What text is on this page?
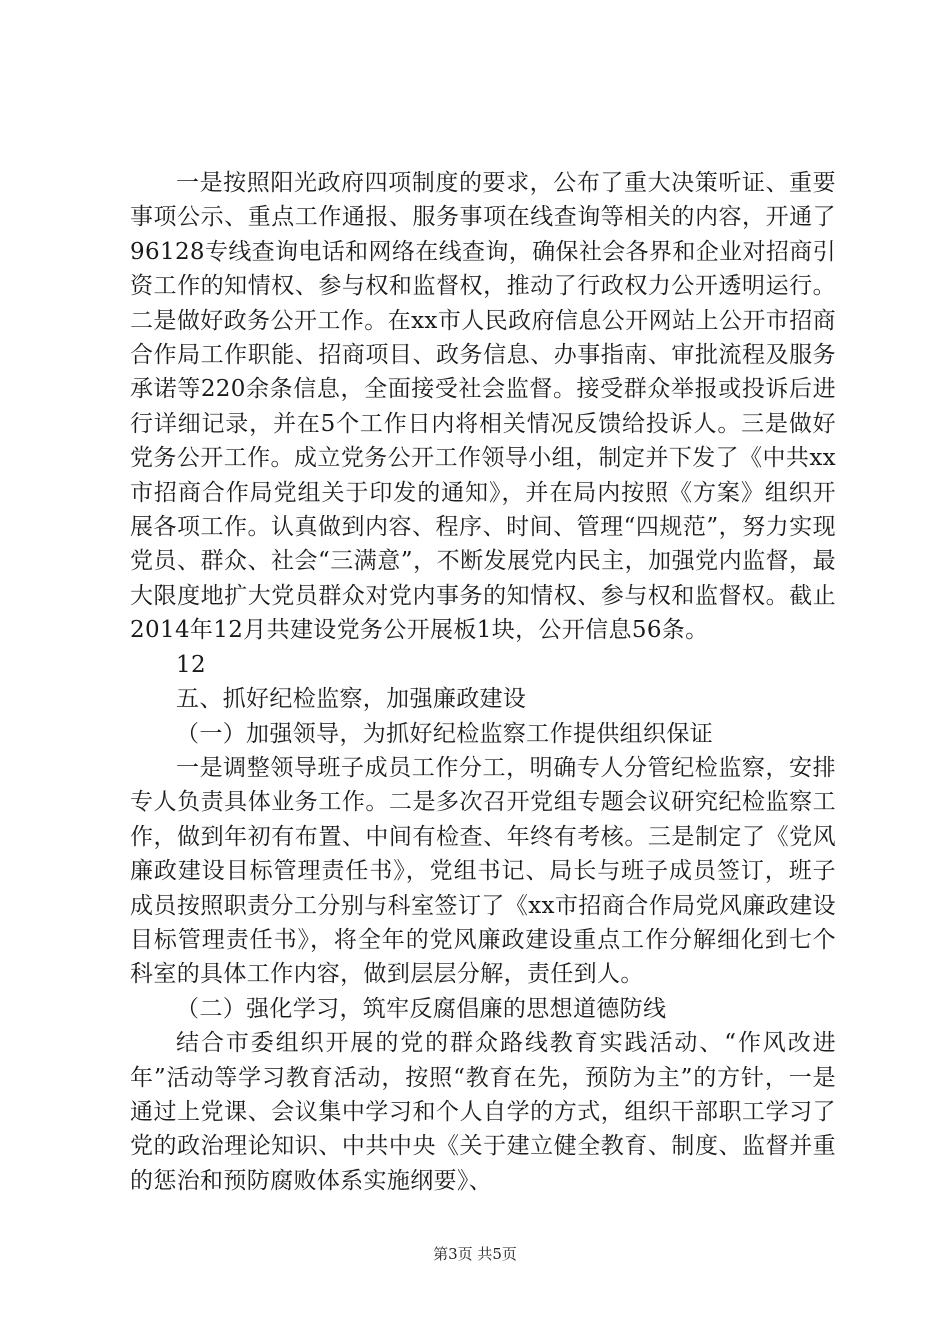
一是按照阳光政府四项制度的要求，公布了重大决策听证、重要事项公示、重点工作通报、服务事项在线查询等相关的内容，开通了96128专线查询电话和网络在线查询，确保社会各界和企业对招商引资工作的知情权、参与权和监督权，推动了行政权力公开透明运行。二是做好政务公开工作。在xx市人民政府信息公开网站上公开市招商合作局工作职能、招商项目、政务信息、办事指南、审批流程及服务承诺等220余条信息，全面接受社会监督。接受群众举报或投诉后进行详细记录，并在5个工作日内将相关情况反馈给投诉人。三是做好党务公开工作。成立党务公开工作领导小组，制定并下发了《中共xx市招商合作局党组关于印发的通知》，并在局内按照《方案》组织开展各项工作。认真做到内容、程序、时间、管理“四规范”，努力实现党员、群众、社会“三满意”，不断发展党内民主，加强党内监督，最大限度地扩大党员群众对党内事务的知情权、参与权和监督权。截止2014年12月共建设党务公开展板1块，公开信息56条。

12

五、抓好纪检监察，加强廉政建设

（一）加强领导，为抓好纪检监察工作提供组织保证

一是调整领导班子成员工作分工，明确专人分管纪检监察，安排专人负责具体业务工作。二是多次召开党组专题会议研究纪检监察工作，做到年初有布置、中间有检查、年终有考核。三是制定了《党风廉政建设目标管理责任书》，党组书记、局长与班子成员签订，班子成员按照职责分工分别与科室签订了《xx市招商合作局党风廉政建设目标管理责任书》，将全年的党风廉政建设重点工作分解细化到七个科室的具体工作内容，做到层层分解，责任到人。

（二）强化学习，筑牢反腐倡廉的思想道德防线

结合市委组织开展的党的群众路线教育实践活动、“作风改进年”活动等学习教育活动，按照“教育在先，预防为主”的方针，一是通过上党课、会议集中学习和个人自学的方式，组织干部职工学习了党的政治理论知识、中共中央《关于建立健全教育、制度、监督并重的惩治和预防腐败体系实施纲要》、

第3页 共5页
